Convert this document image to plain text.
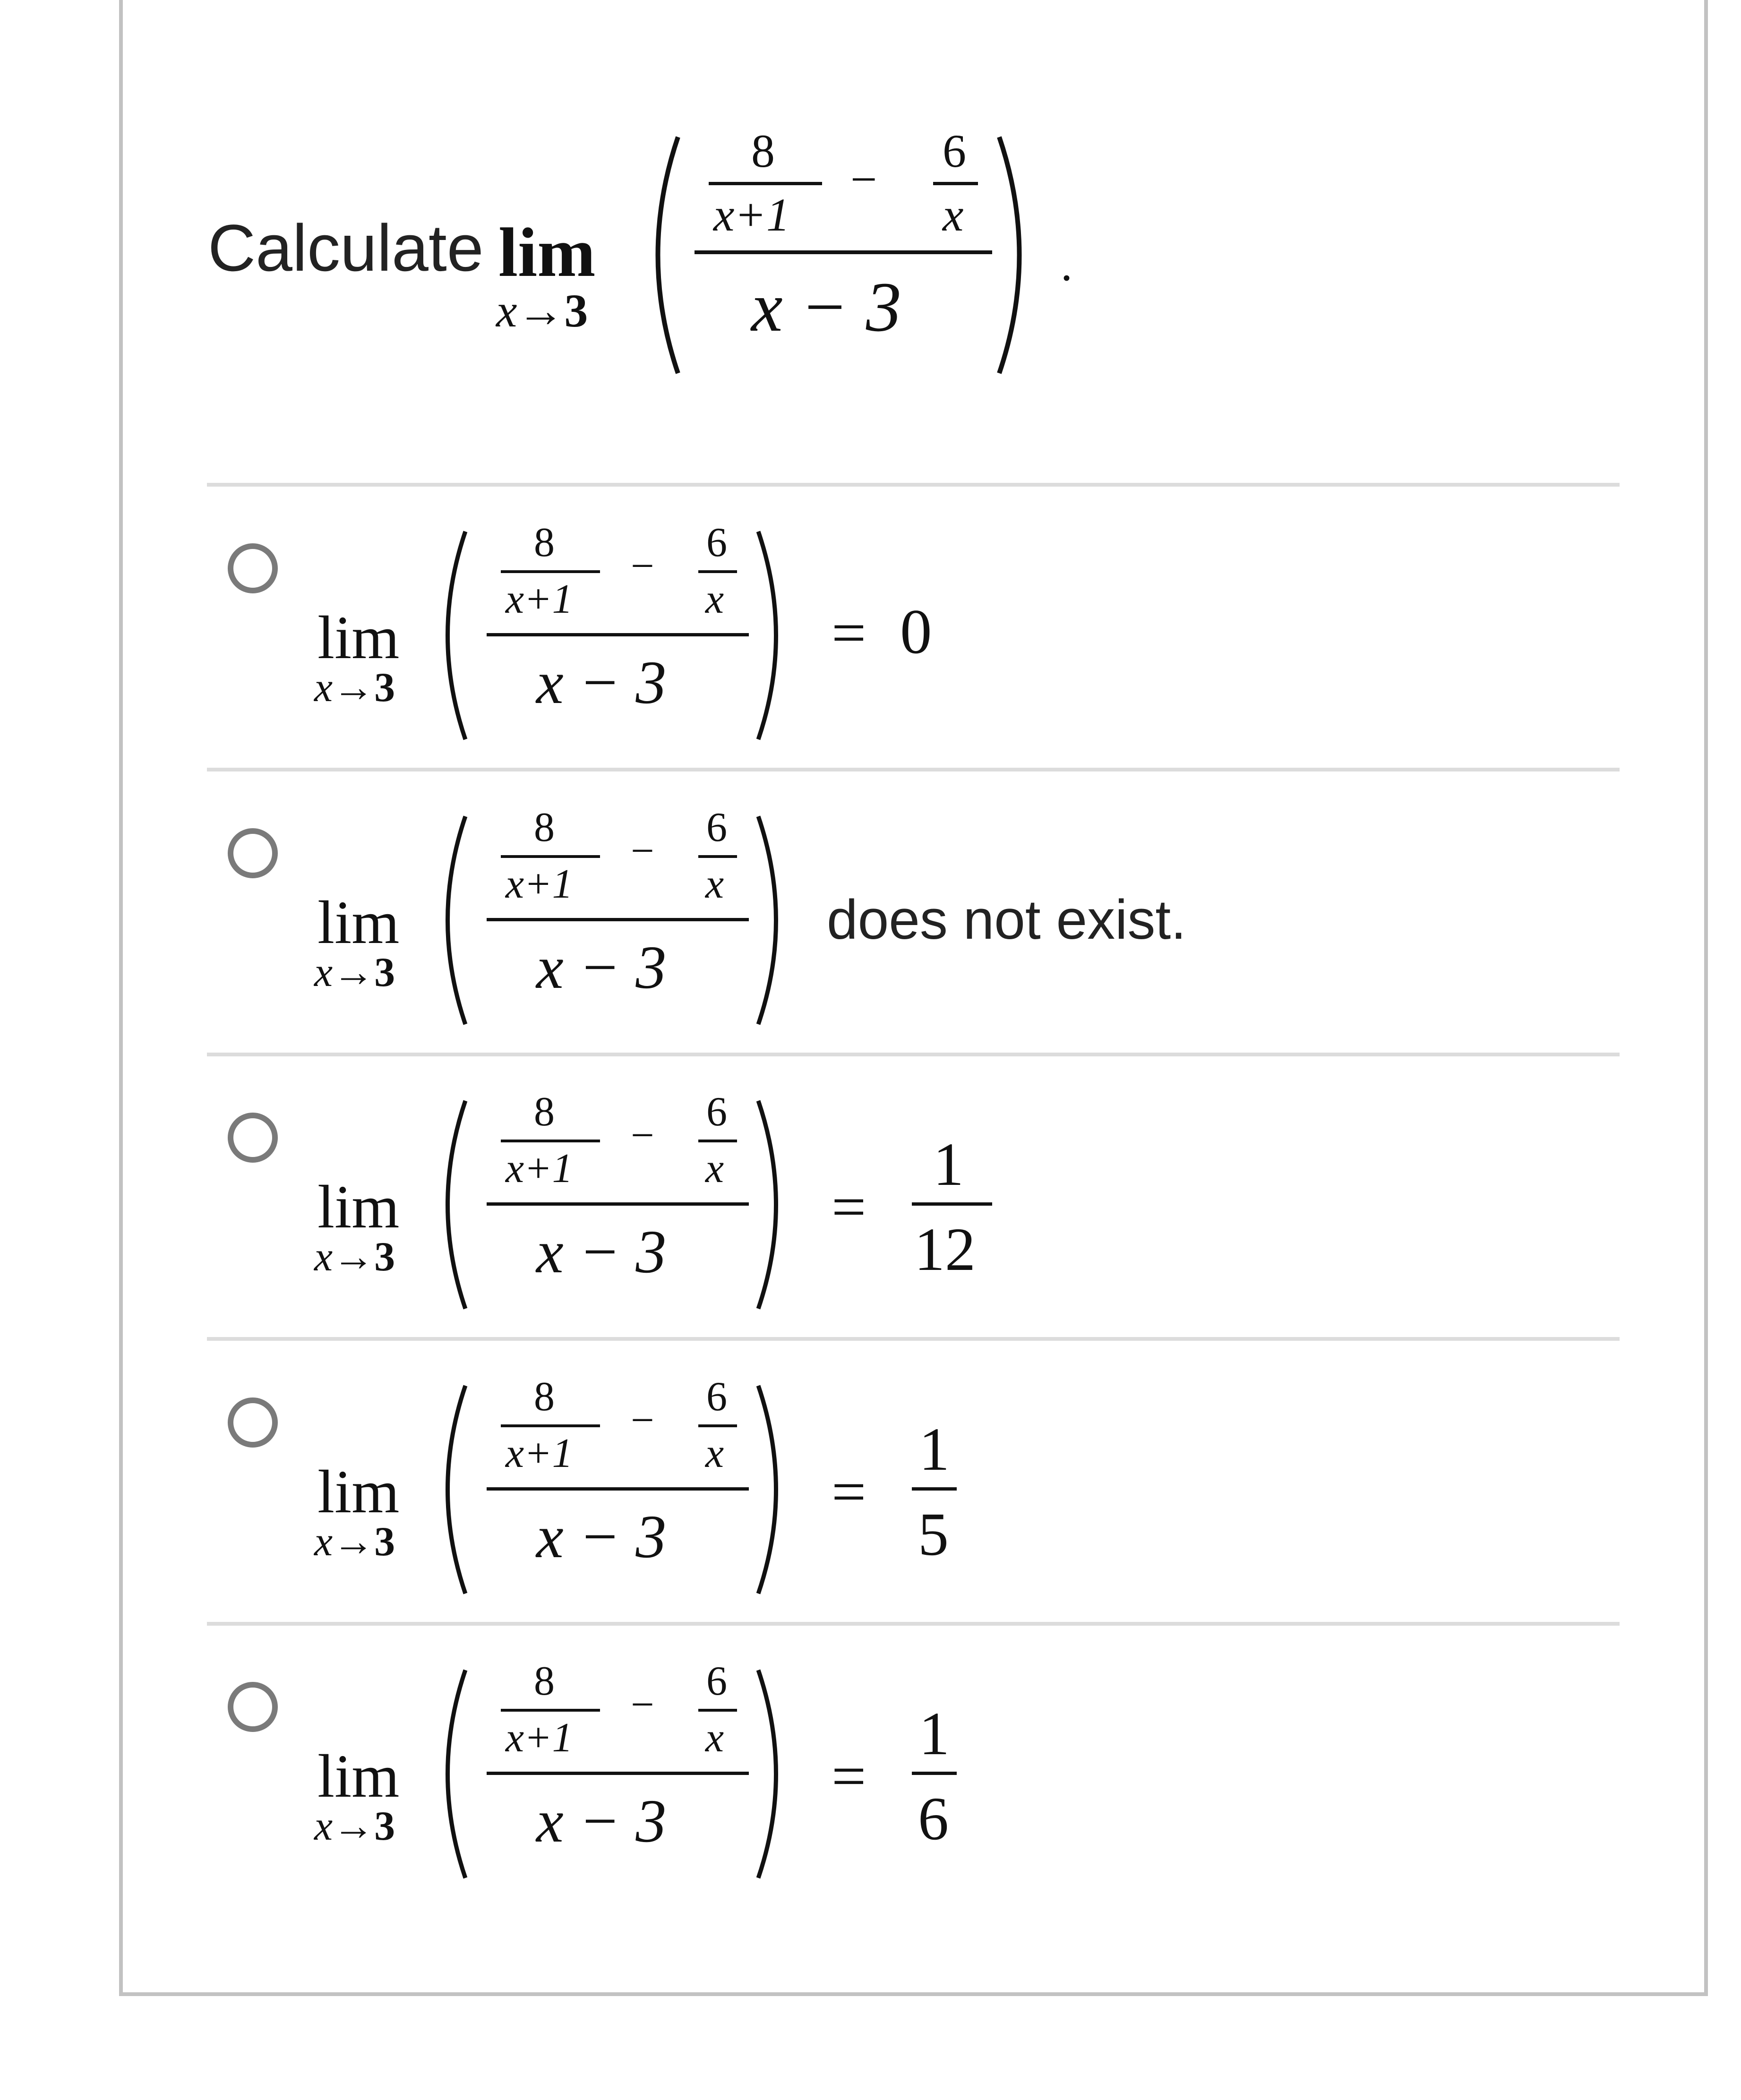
Calculate lim
x→3
8
x+1
−
6
x
x − 3
.
lim
x→3
8
x+1
−
6
x
x − 3
= 0
lim
x→3
8
x+1
−
6
x
x − 3
does not exist.
lim
x→3
8
x+1
−
6
x
x − 3
=
1
12
lim
x→3
8
x+1
−
6
x
x − 3
=
1
5
lim
x→3
8
x+1
−
6
x
x − 3
=
1
6
